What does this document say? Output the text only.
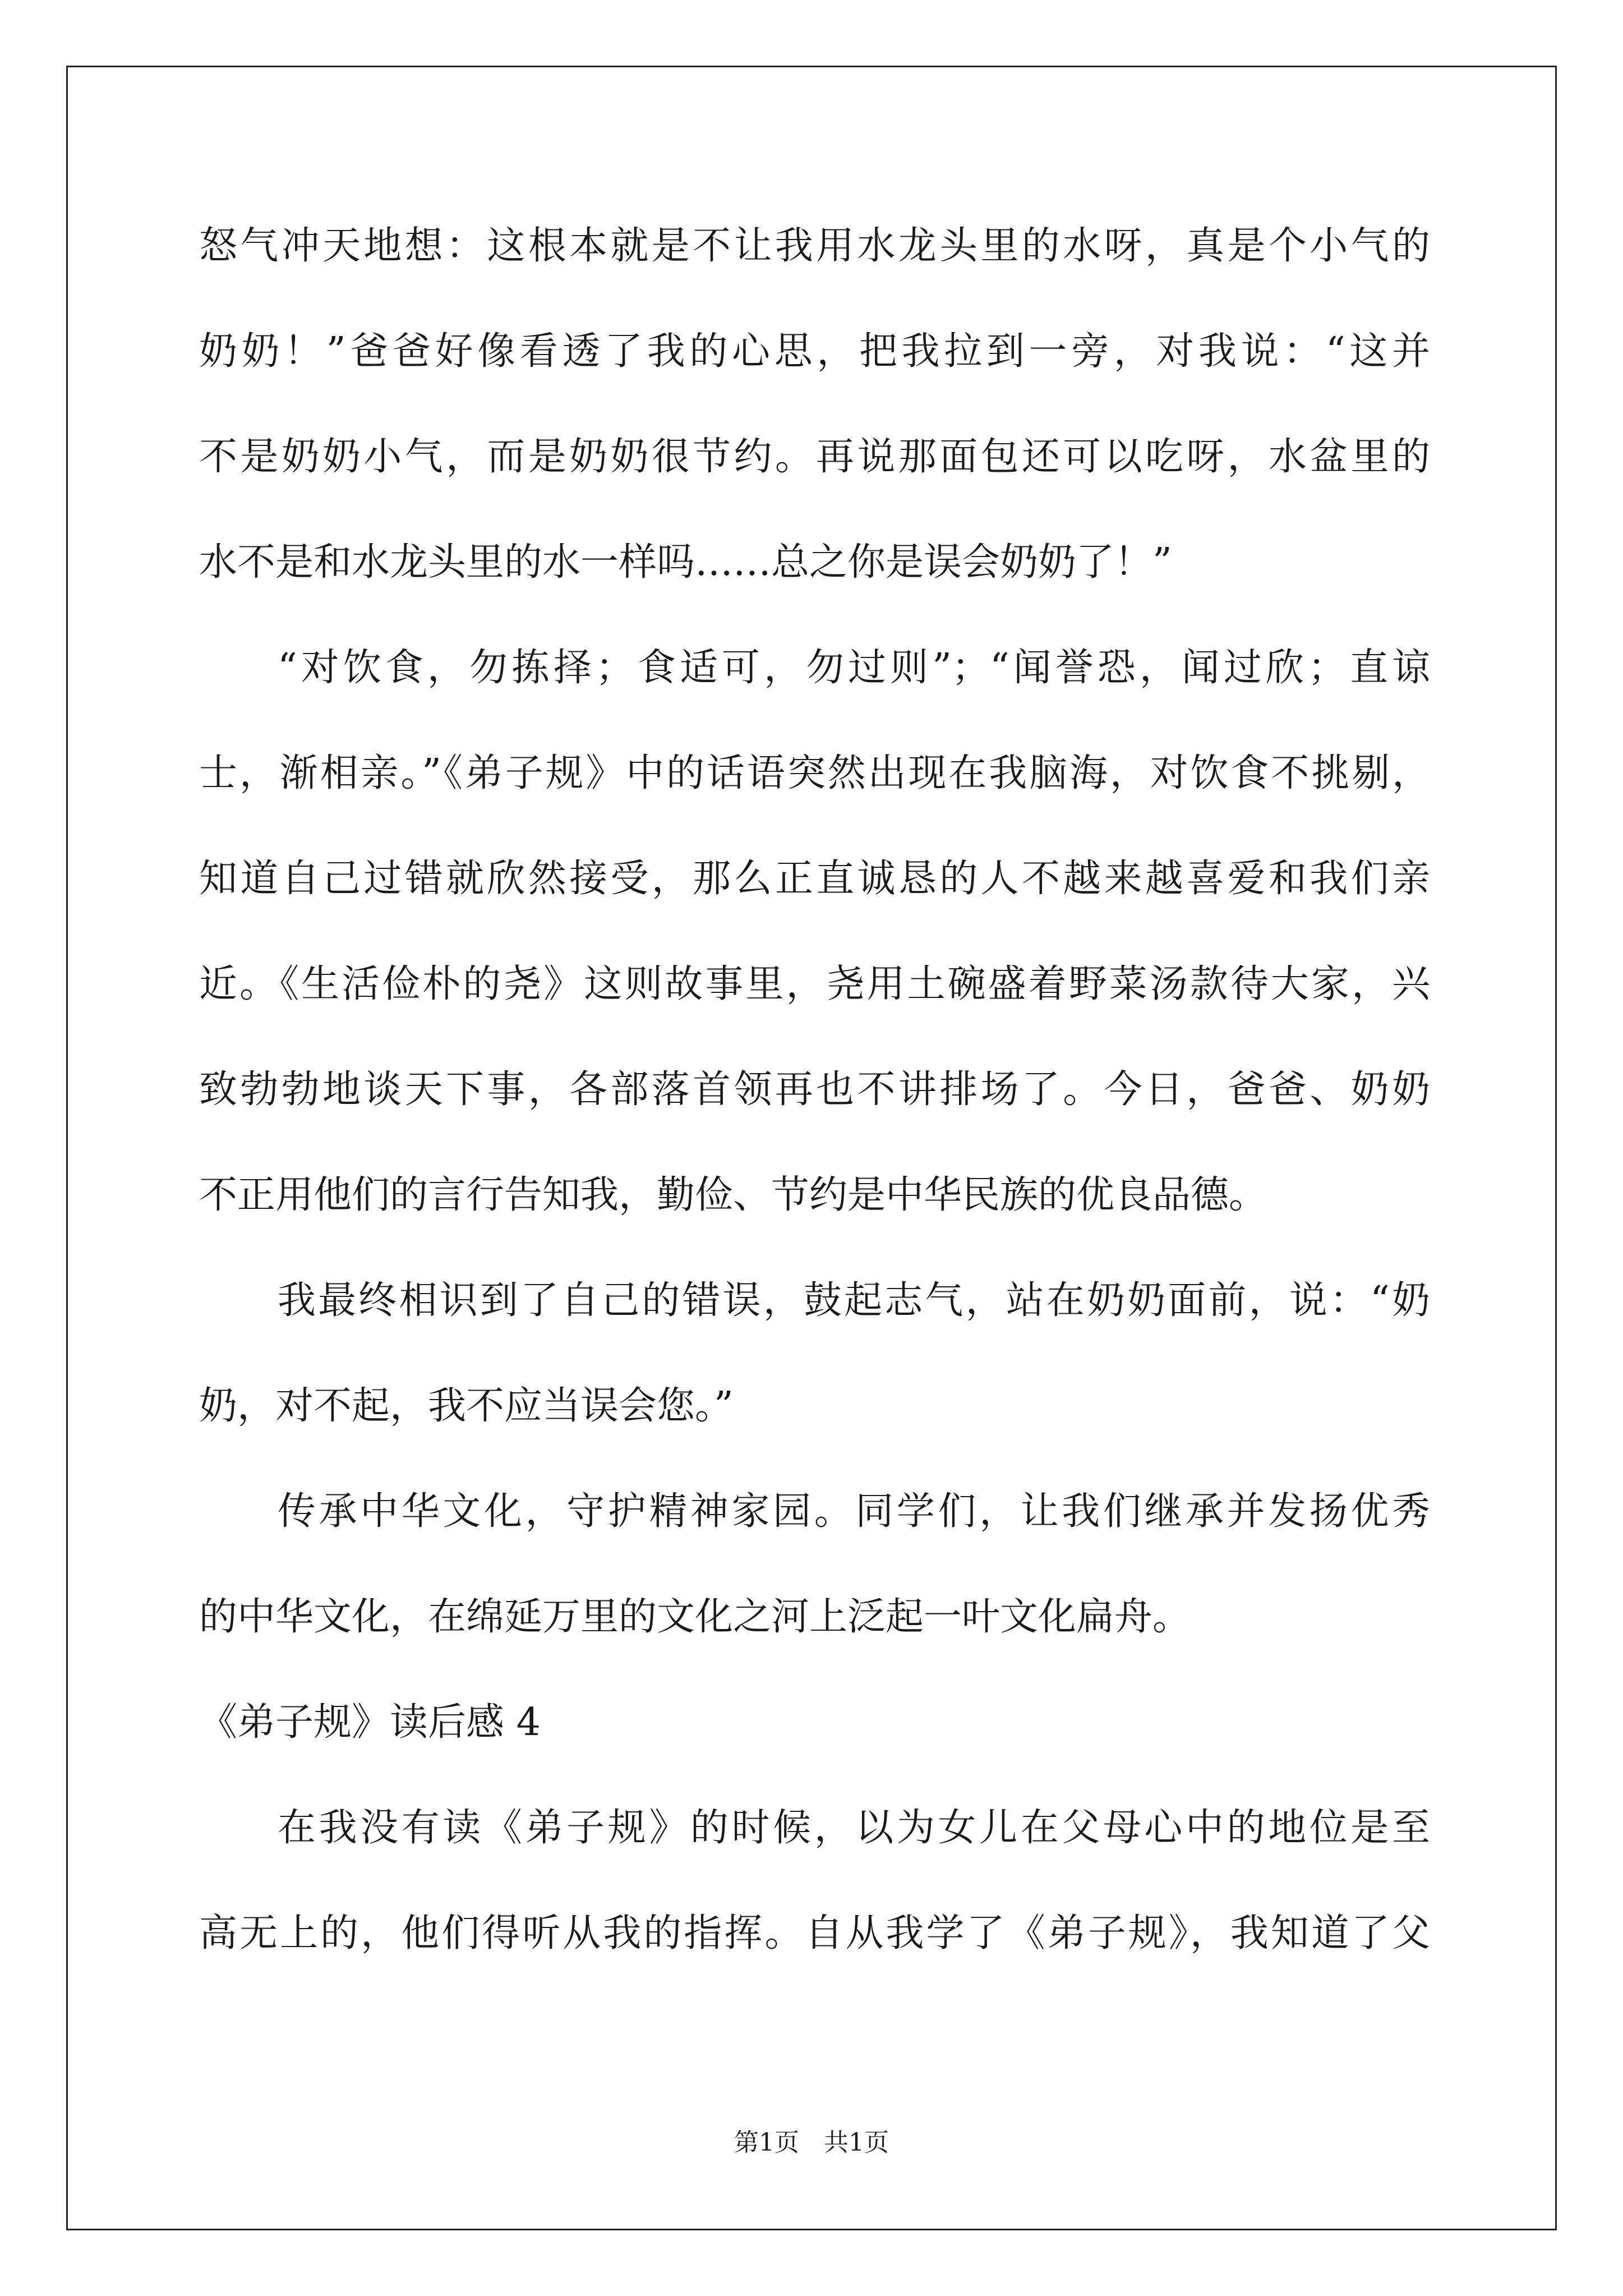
怒气冲天地想：这根本就是不让我用水龙头里的水呀，真是个小气的
奶奶！”爸爸好像看透了我的心思，把我拉到一旁，对我说：“这并
不是奶奶小气，而是奶奶很节约。再说那面包还可以吃呀，水盆里的
水不是和水龙头里的水一样吗……总之你是误会奶奶了！”
“对饮食，勿拣择；食适可，勿过则”；“闻誉恐，闻过欣；直谅
士，渐相亲。”《弟子规》中的话语突然出现在我脑海，对饮食不挑剔，
知道自己过错就欣然接受，那么正直诚恳的人不越来越喜爱和我们亲
近。《生活俭朴的尧》这则故事里，尧用土碗盛着野菜汤款待大家，兴
致勃勃地谈天下事，各部落首领再也不讲排场了。今日，爸爸、奶奶
不正用他们的言行告知我，勤俭、节约是中华民族的优良品德。
我最终相识到了自己的错误，鼓起志气，站在奶奶面前，说：“奶
奶，对不起，我不应当误会您。”
传承中华文化，守护精神家园。同学们，让我们继承并发扬优秀
的中华文化，在绵延万里的文化之河上泛起一叶文化扁舟。
《弟子规》读后感 4
在我没有读《弟子规》的时候，以为女儿在父母心中的地位是至
高无上的，他们得听从我的指挥。自从我学了《弟子规》，我知道了父
第1页　共1页
